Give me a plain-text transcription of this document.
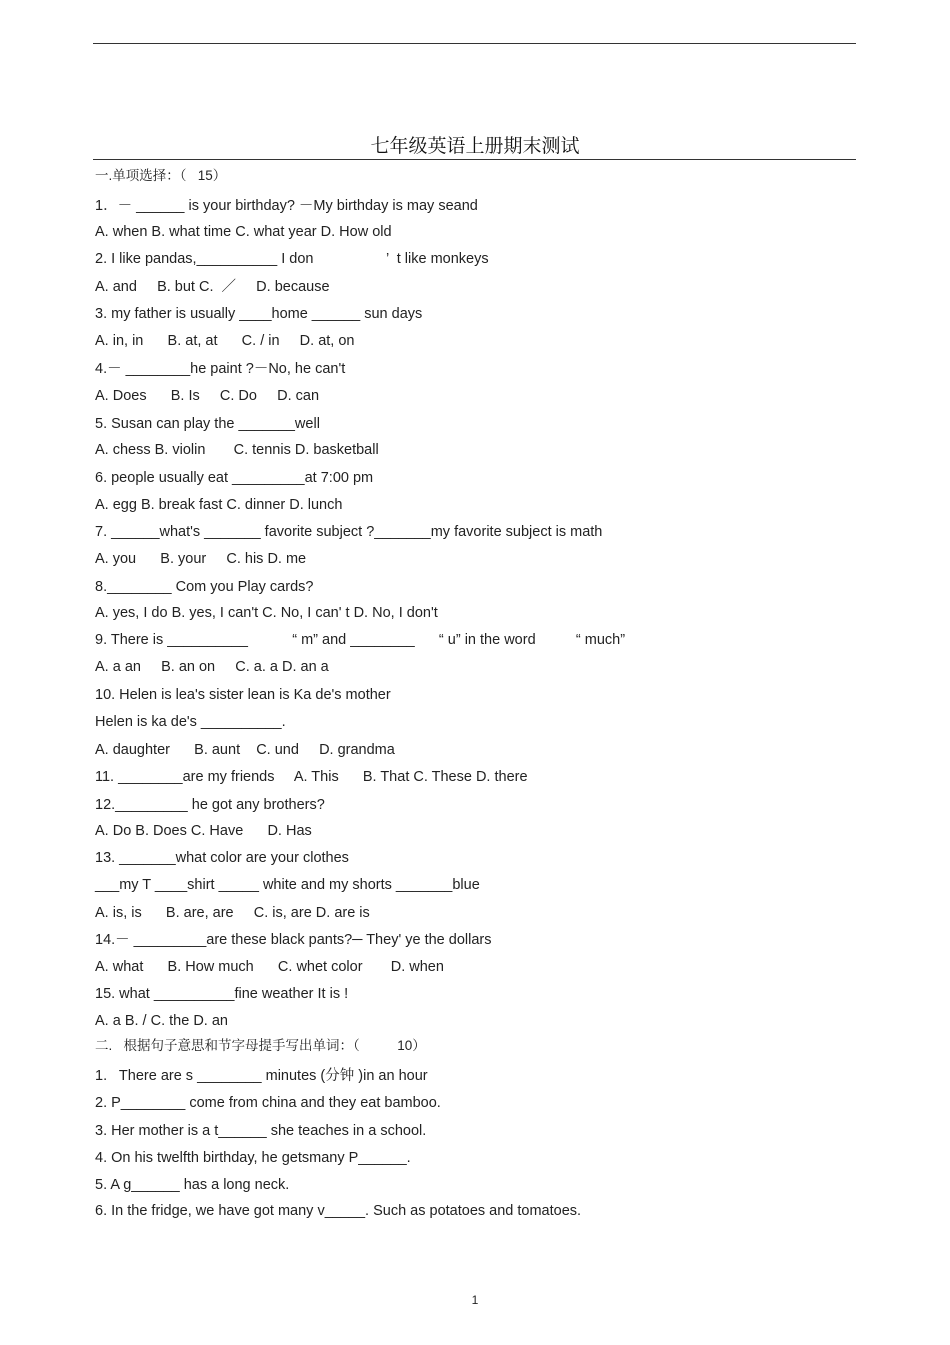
七年级英语上册期末测试
一.单项选择：（   15）
1．－ ______ is your birthday? －My birthday is may seand
A. when B. what time C. what year D. How old
2. I like pandas,__________ I don                  ’  t like monkeys
A. and     B. but C.  ／     D. because
3. my father is usually ____home ______ sun days
A. in, in      B. at, at      C. / in     D. at, on
4.－ ________he paint ?－No, he can't
A. Does      B. Is     C. Do     D. can
5. Susan can play the _______well
A. chess B. violin       C. tennis D. basketball
6. people usually eat _________at 7:00 pm
A. egg B. break fast C. dinner D. lunch
7. ______what's _______ favorite subject ?_______my favorite subject is math
A. you      B. your     C. his D. me
8.________ Com you Play cards?
A. yes, I do B. yes, I can't C. No, I can' t D. No, I don't
9. There is __________           “ m” and ________      “ u” in the word          “ much”
A. a an     B. an on     C. a. a D. an a
10. Helen is lea's sister lean is Ka de's mother
Helen is ka de's __________.
A. daughter      B. aunt    C. und     D. grandma
11. ________are my friends     A. This      B. That C. These D. there
12._________ he got any brothers?
A. Do B. Does C. Have      D. Has
13. _______what color are your clothes
___my T ____shirt _____ white and my shorts _______blue
A. is, is      B. are, are     C. is, are D. are is
14.－ _________are these black pants?─ They' ye the dollars
A. what      B. How much      C. whet color       D. when
15. what __________fine weather It is !
A. a B. / C. the D. an
二.   根据句子意思和节字母提手写出单词：（          10）
1.   There are s ________ minutes (分钟 )in an hour
2. P________ come from china and they eat bamboo.
3. Her mother is a t______ she teaches in a school.
4. On his twelfth birthday, he getsmany P______.
5. A g______ has a long neck.
6. In the fridge, we have got many v_____. Such as potatoes and tomatoes.
1
